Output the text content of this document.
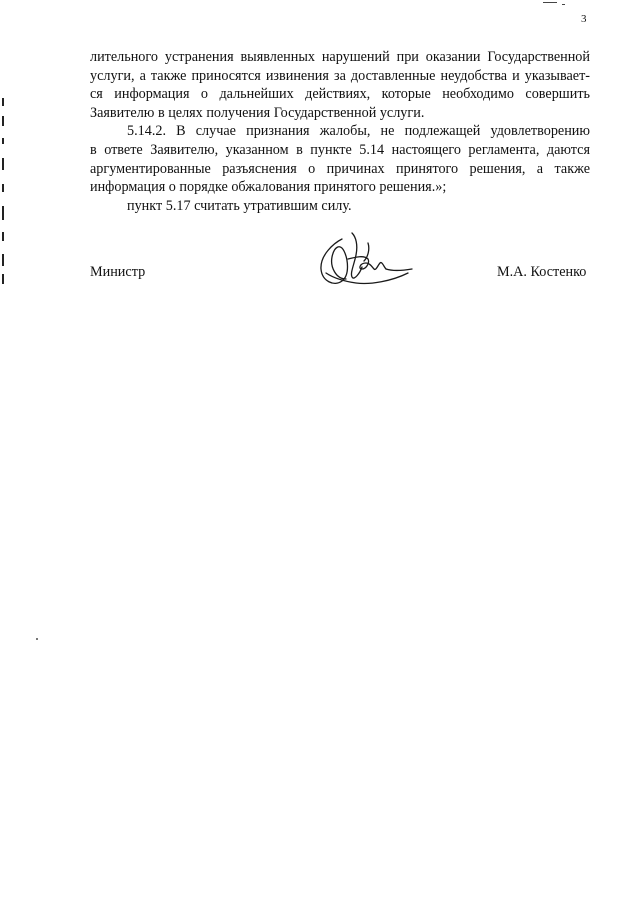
3

лительного устранения выявленных нарушений при оказании Государственной
услуги, а также приносятся извинения за доставленные неудобства и указывает-
ся информация о дальнейших действиях, которые необходимо совершить
Заявителю в целях получения Государственной услуги.

5.14.2. В случае признания жалобы, не подлежащей удовлетворению
в ответе Заявителю, указанном в пункте 5.14 настоящего регламента, даются
аргументированные разъяснения о причинах принятого решения, а также
информация о порядке обжалования принятого решения.»;

пункт 5.17 считать утратившим силу.

Министр	М.А. Костенко
